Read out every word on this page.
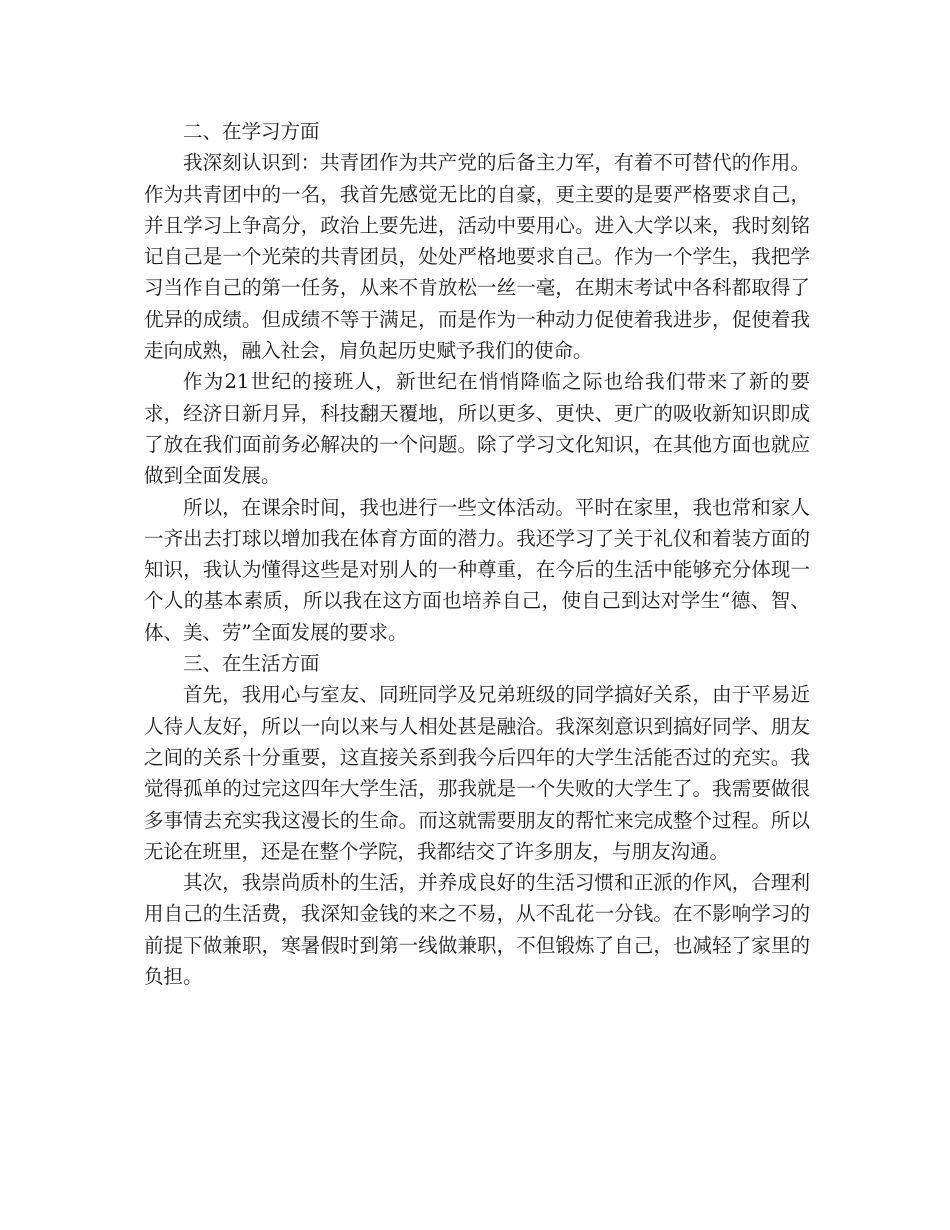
二、在学习方面

我深刻认识到：共青团作为共产党的后备主力军，有着不可替代的作用。作为共青团中的一名，我首先感觉无比的自豪，更主要的是要严格要求自己，并且学习上争高分，政治上要先进，活动中要用心。进入大学以来，我时刻铭记自己是一个光荣的共青团员，处处严格地要求自己。作为一个学生，我把学习当作自己的第一任务，从来不肯放松一丝一毫，在期末考试中各科都取得了优异的成绩。但成绩不等于满足，而是作为一种动力促使着我进步，促使着我走向成熟，融入社会，肩负起历史赋予我们的使命。

作为21世纪的接班人，新世纪在悄悄降临之际也给我们带来了新的要求，经济日新月异，科技翻天覆地，所以更多、更快、更广的吸收新知识即成了放在我们面前务必解决的一个问题。除了学习文化知识，在其他方面也就应做到全面发展。

所以，在课余时间，我也进行一些文体活动。平时在家里，我也常和家人一齐出去打球以增加我在体育方面的潜力。我还学习了关于礼仪和着装方面的知识，我认为懂得这些是对别人的一种尊重，在今后的生活中能够充分体现一个人的基本素质，所以我在这方面也培养自己，使自己到达对学生“德、智、体、美、劳”全面发展的要求。

三、在生活方面

首先，我用心与室友、同班同学及兄弟班级的同学搞好关系，由于平易近人待人友好，所以一向以来与人相处甚是融洽。我深刻意识到搞好同学、朋友之间的关系十分重要，这直接关系到我今后四年的大学生活能否过的充实。我觉得孤单的过完这四年大学生活，那我就是一个失败的大学生了。我需要做很多事情去充实我这漫长的生命。而这就需要朋友的帮忙来完成整个过程。所以无论在班里，还是在整个学院，我都结交了许多朋友，与朋友沟通。

其次，我崇尚质朴的生活，并养成良好的生活习惯和正派的作风，合理利用自己的生活费，我深知金钱的来之不易，从不乱花一分钱。在不影响学习的前提下做兼职，寒暑假时到第一线做兼职，不但锻炼了自己，也减轻了家里的负担。
